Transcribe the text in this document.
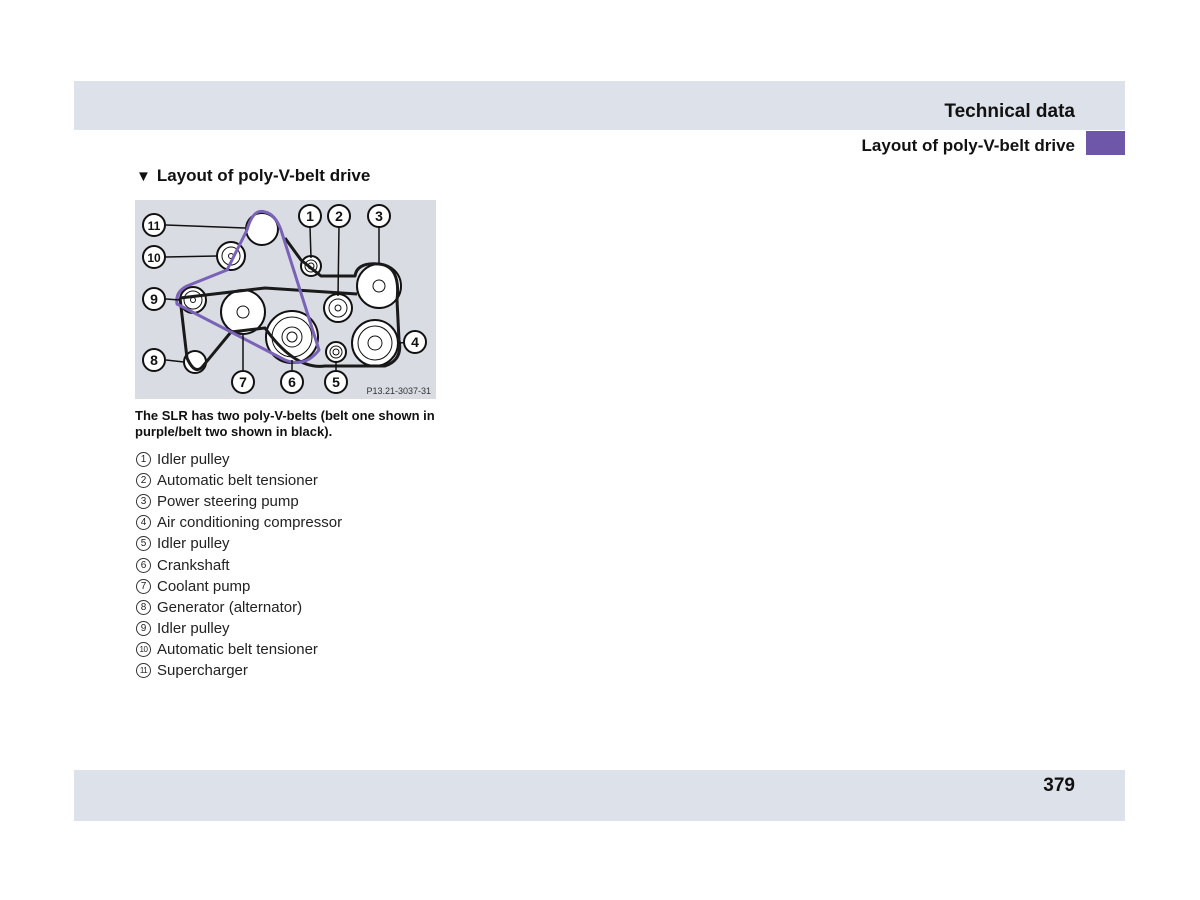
Technical data
Layout of poly-V-belt drive
▼ Layout of poly-V-belt drive
1 2 3
4
5
6
7
8
9
10
11
P13.21-3037-31
The SLR has two poly-V-belts (belt one shown in purple/belt two shown in black).
1 Idler pulley
2 Automatic belt tensioner
3 Power steering pump
4 Air conditioning compressor
5 Idler pulley
6 Crankshaft
7 Coolant pump
8 Generator (alternator)
9 Idler pulley
10 Automatic belt tensioner
11 Supercharger
379
